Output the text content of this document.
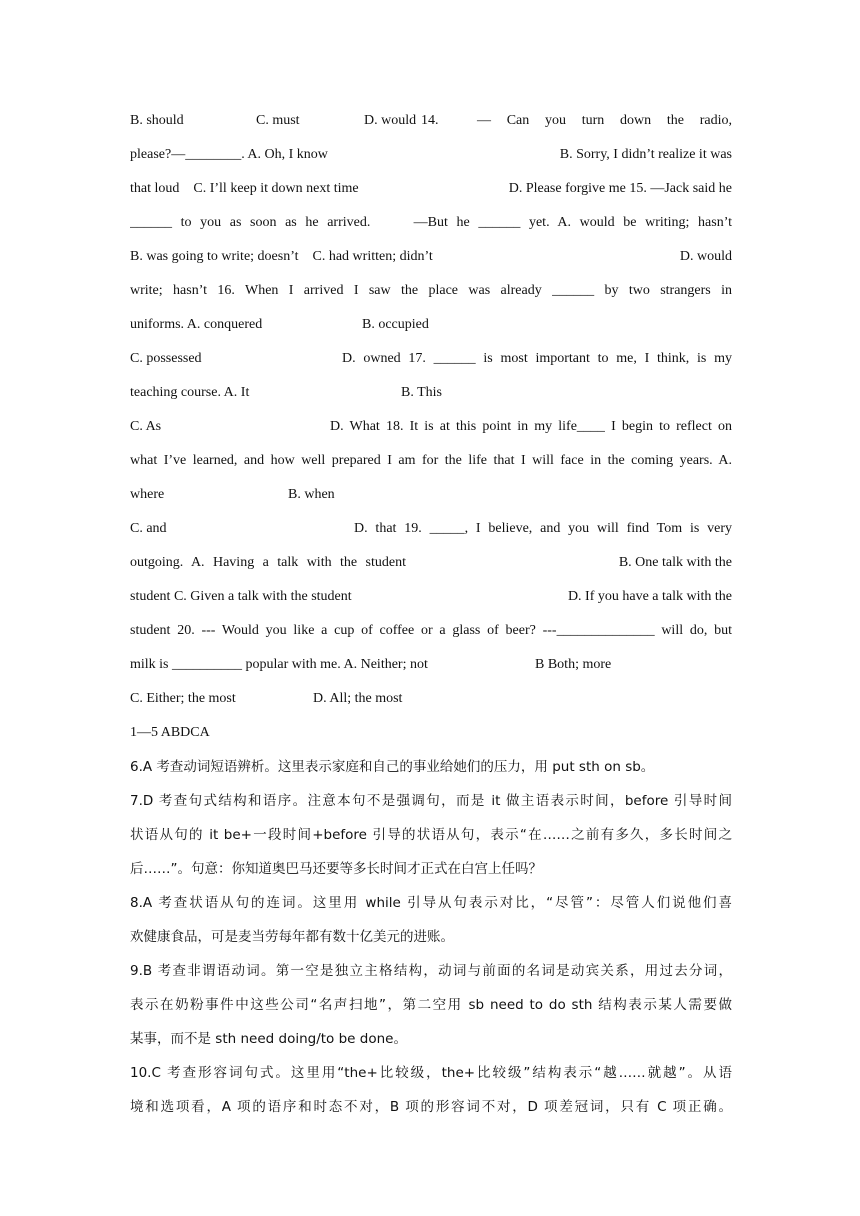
B. should	C. must	D. would 14.　— Can you turn down the radio,
please?—________. A. Oh, I know	B. Sorry, I didn’t realize it was
that loud　C. I’ll keep it down next time	D. Please forgive me 15. —Jack said he
______ to you as soon as he arrived.　　—But he ______ yet. A. would be writing; hasn’t
B. was going to write; doesn’t　C. had written; didn’t	D. would
write; hasn’t 16. When I arrived I saw the place was already ______ by two strangers in
uniforms. A. conquered	B. occupied
C. possessed	D. owned 17. ______ is most important to me, I think, is my
teaching course. A. It	B. This
C. As	D. What 18. It is at this point in my life____ I begin to reflect on
what I’ve learned, and how well prepared I am for the life that I will face in the coming years. A.
where	B. when
C. and	D. that 19. _____, I believe, and you will find Tom is very
outgoing. A. Having a talk with the student	B. One talk with the
student C. Given a talk with the student	D. If you have a talk with the
student 20. --- Would you like a cup of coffee or a glass of beer? ---______________ will do, but
milk is __________ popular with me. A. Neither; not	B Both; more
C. Either; the most	D. All; the most
1—5 ABDCA
6.A 考查动词短语辨析。这里表示家庭和自己的事业给她们的压力，用 put sth on sb。
7.D 考查句式结构和语序。注意本句不是强调句，而是 it 做主语表示时间，before 引导时间
状语从句的 it be+一段时间+before 引导的状语从句，表示“在……之前有多久，多长时间之
后……”。句意：你知道奥巴马还要等多长时间才正式在白宫上任吗？
8.A 考查状语从句的连词。这里用 while 引导从句表示对比，“尽管”：尽管人们说他们喜
欢健康食品，可是麦当劳每年都有数十亿美元的进账。
9.B 考查非谓语动词。第一空是独立主格结构，动词与前面的名词是动宾关系，用过去分词，
表示在奶粉事件中这些公司“名声扫地”，第二空用 sb need to do sth 结构表示某人需要做
某事，而不是 sth need doing/to be done。
10.C 考查形容词句式。这里用“the+比较级，the+比较级”结构表示“越……就越”。从语
境和选项看，A 项的语序和时态不对，B 项的形容词不对，D 项差冠词，只有 C 项正确。
